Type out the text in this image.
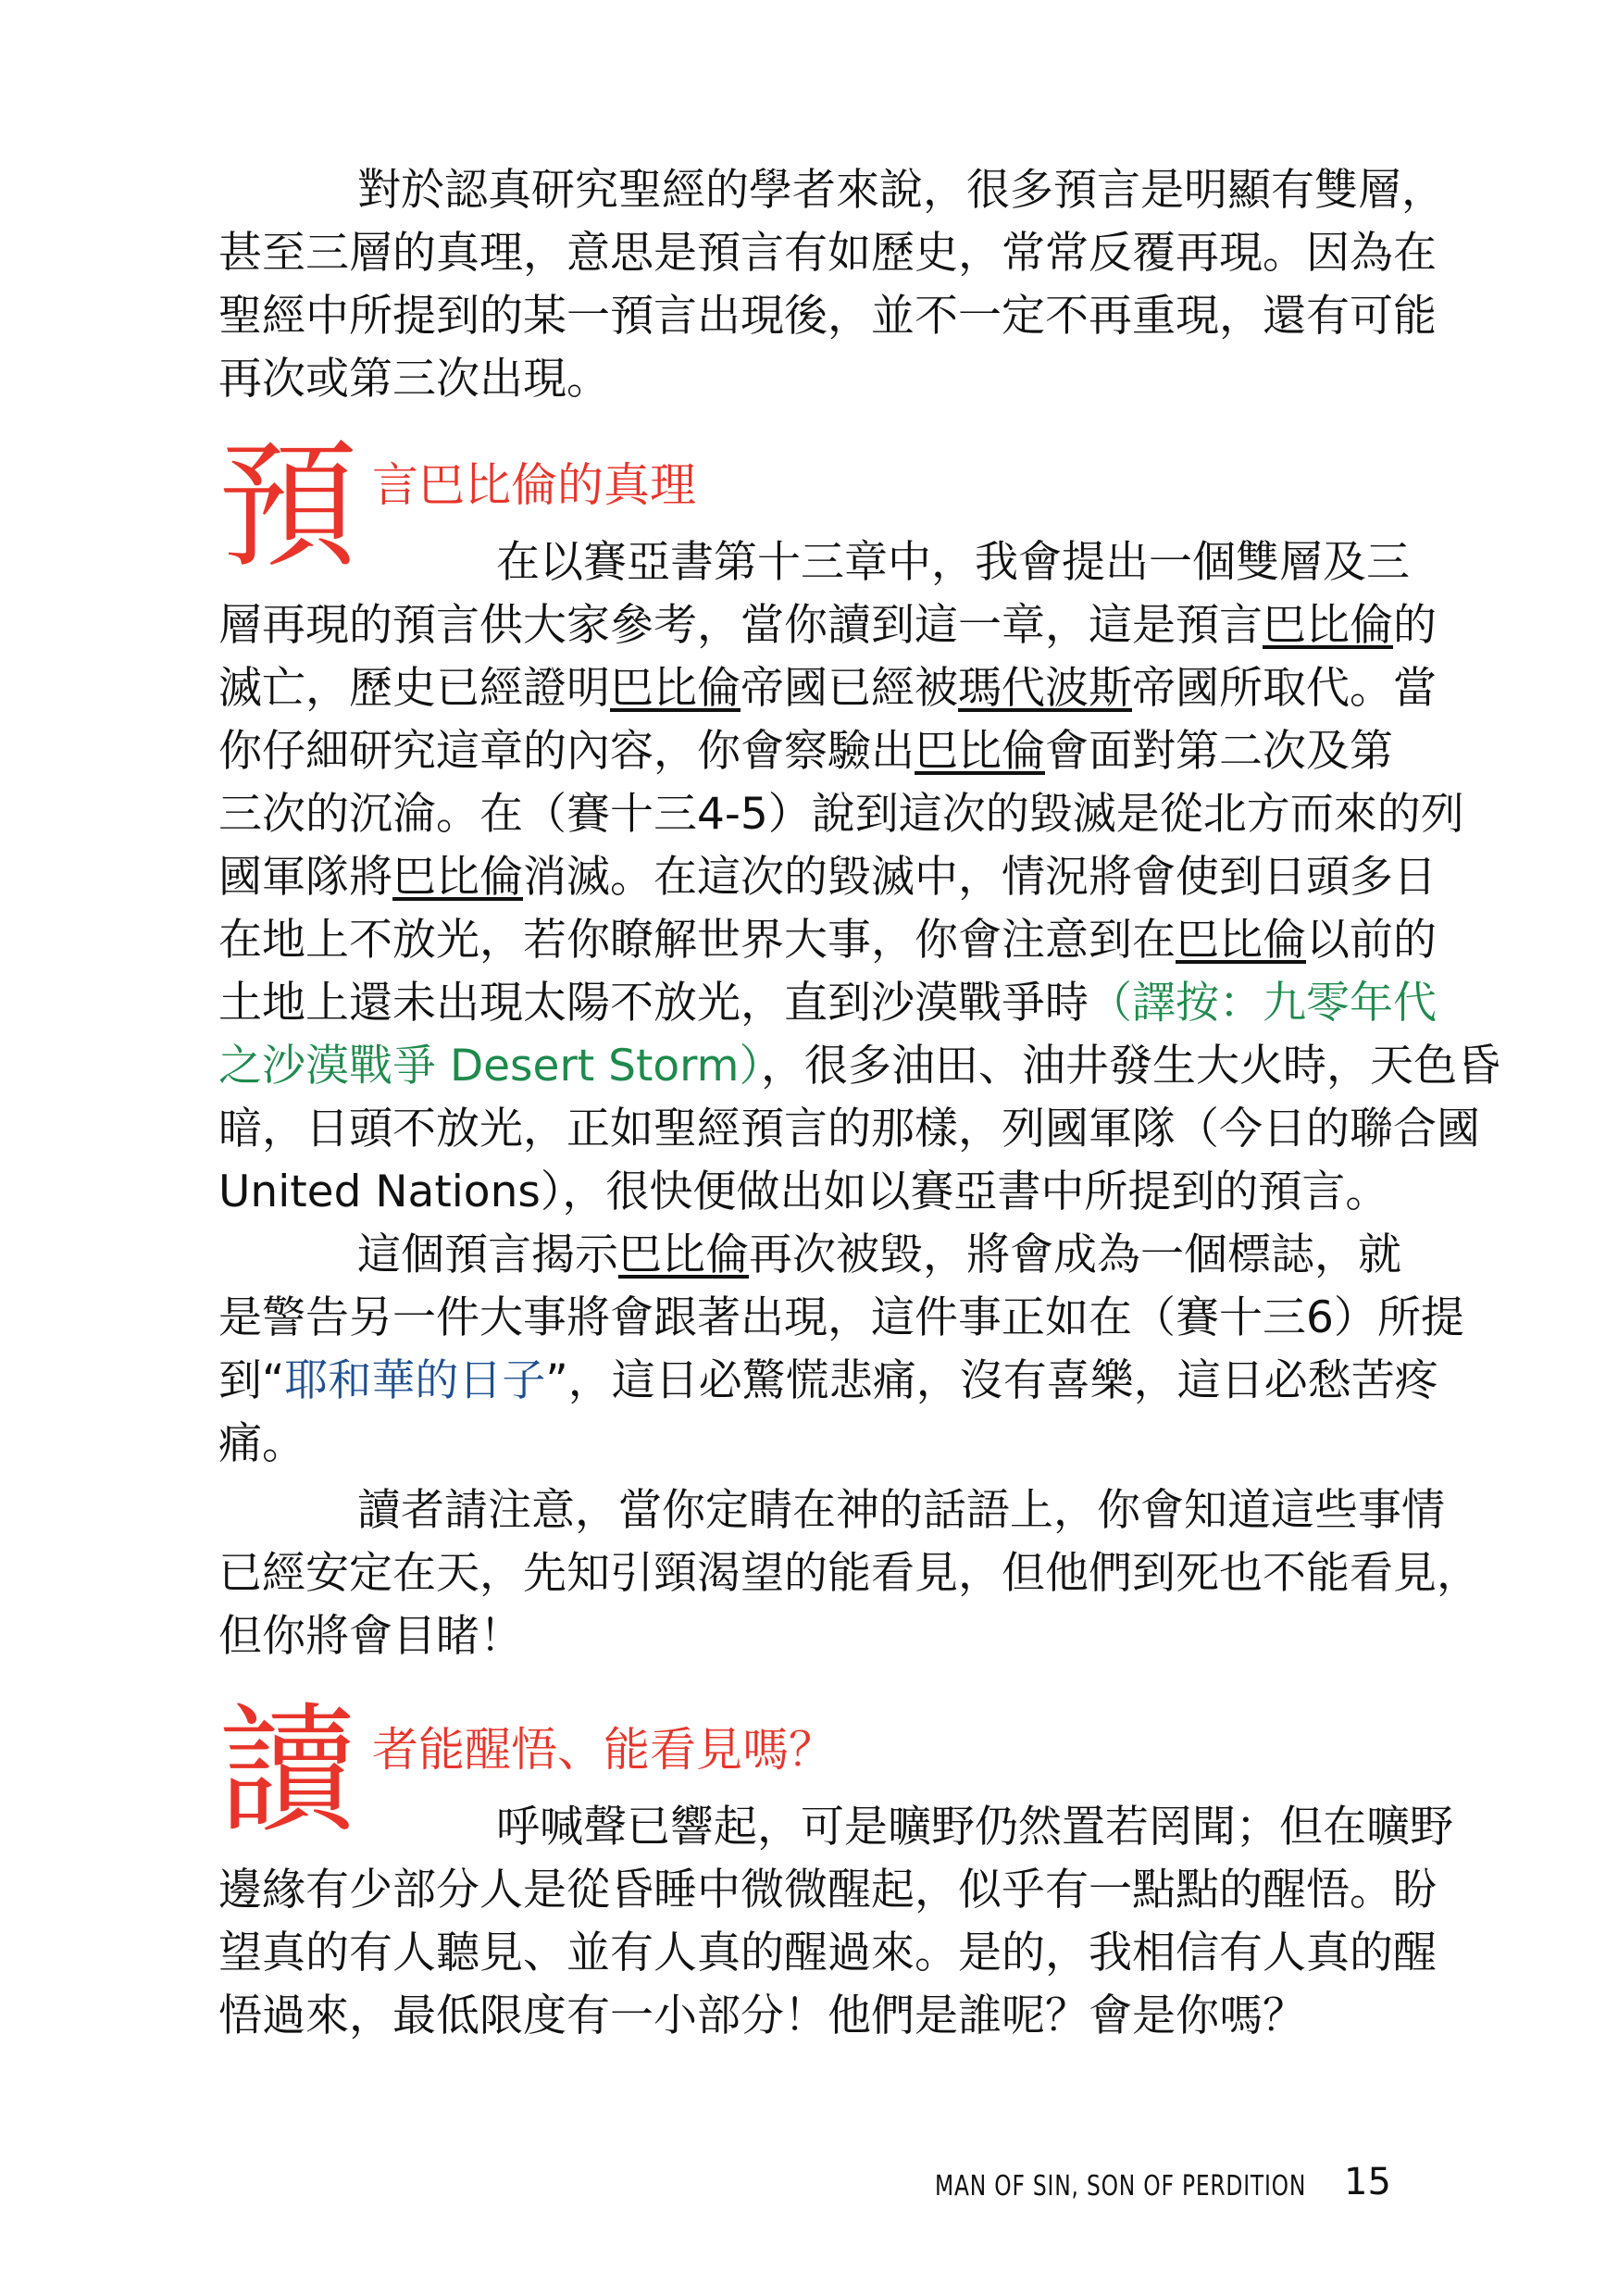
對於認真研究聖經的學者來說，很多預言是明顯有雙層，
甚至三層的真理，意思是預言有如歷史，常常反覆再現。因為在
聖經中所提到的某一預言出現後，並不一定不再重現，還有可能
再次或第三次出現。
預 言巴比倫的真理
在以賽亞書第十三章中，我會提出一個雙層及三
層再現的預言供大家參考，當你讀到這一章，這是預言巴比倫的
滅亡，歷史已經證明巴比倫帝國已經被瑪代波斯帝國所取代。當
你仔細研究這章的內容，你會察驗出巴比倫會面對第二次及第
三次的沉淪。在（賽十三4-5）說到這次的毀滅是從北方而來的列
國軍隊將巴比倫消滅。在這次的毀滅中，情況將會使到日頭多日
在地上不放光，若你瞭解世界大事，你會注意到在巴比倫以前的
土地上還未出現太陽不放光，直到沙漠戰爭時（譯按：九零年代
之沙漠戰爭 Desert Storm），很多油田、油井發生大火時，天色昏
暗，日頭不放光，正如聖經預言的那樣，列國軍隊（今日的聯合國
United Nations），很快便做出如以賽亞書中所提到的預言。
這個預言揭示巴比倫再次被毀，將會成為一個標誌，就
是警告另一件大事將會跟著出現，這件事正如在（賽十三6）所提
到“耶和華的日子”，這日必驚慌悲痛，沒有喜樂，這日必愁苦疼
痛。
讀者請注意，當你定睛在神的話語上，你會知道這些事情
已經安定在天，先知引頸渴望的能看見，但他們到死也不能看見，
但你將會目睹！
讀 者能醒悟、能看見嗎？
呼喊聲已響起，可是曠野仍然置若罔聞；但在曠野
邊緣有少部分人是從昏睡中微微醒起，似乎有一點點的醒悟。盼
望真的有人聽見、並有人真的醒過來。是的，我相信有人真的醒
悟過來，最低限度有一小部分！他們是誰呢？會是你嗎？
MAN OF SIN, SON OF PERDITION 15
